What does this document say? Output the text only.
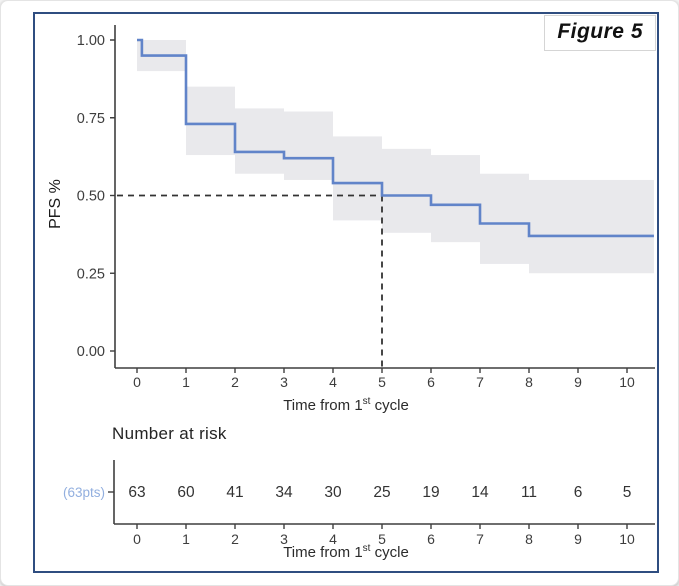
1.00
0.75
0.50
0.25
0.00
0	1	2	3	4	5	6	7	8	9	10
(63pts) 63 60 41 34 30 25 19 14 11 6	5
0	1	2	3	4	5	6	7	8	9	10
Figure 5
PFS %
Time from 1st cycle
Number at risk
Time from 1st cycle
